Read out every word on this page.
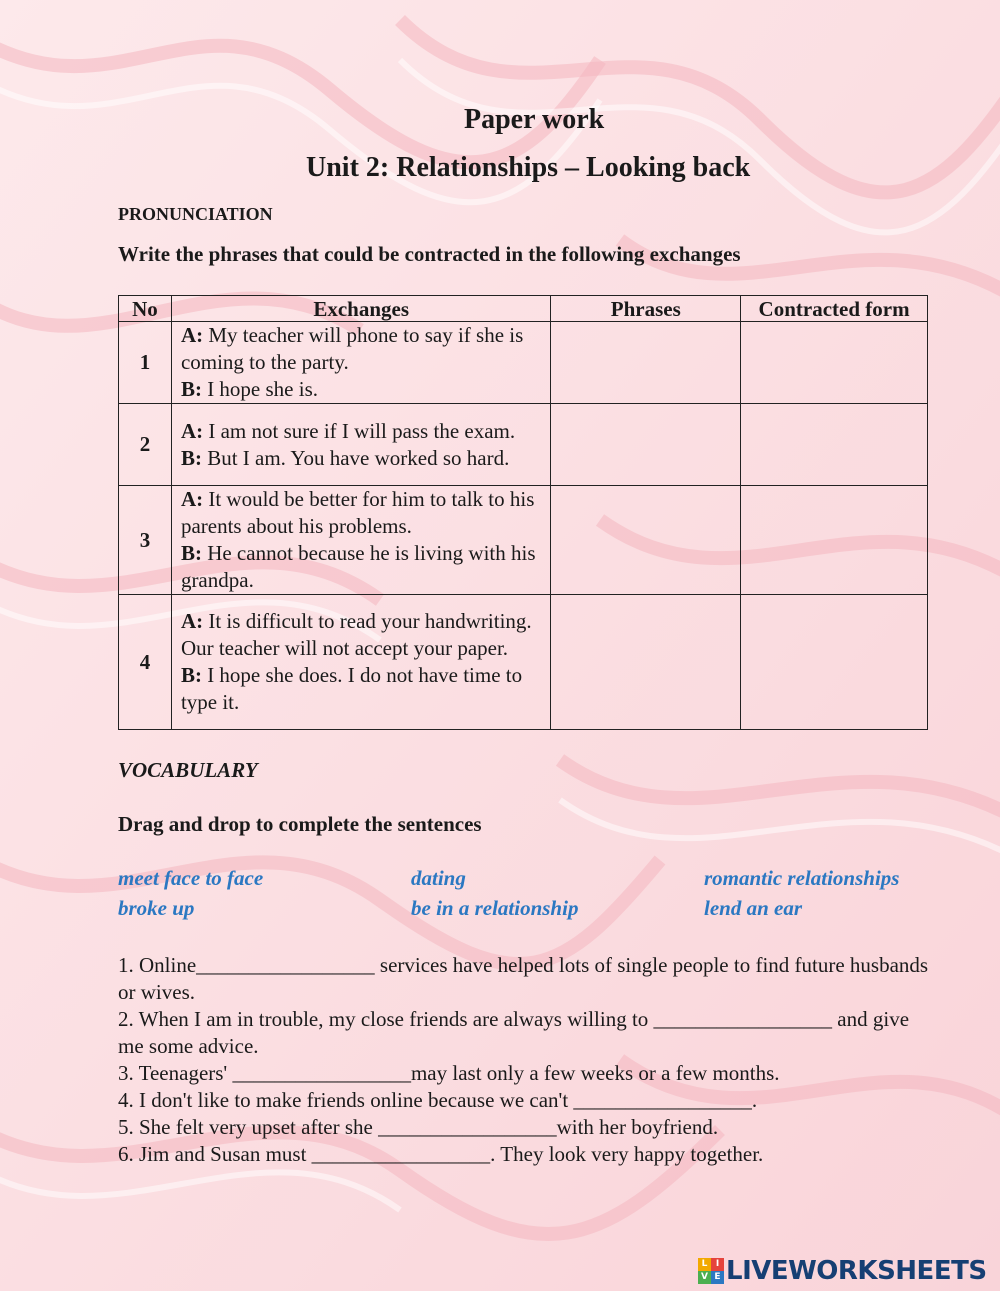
Paper work
Unit 2: Relationships – Looking back

PRONUNCIATION

Write the phrases that could be contracted in the following exchanges

No	Exchanges	Phrases	Contracted form
1	A: My teacher will phone to say if she is coming to the party.
B: I hope she is.		
2	A: I am not sure if I will pass the exam.
B: But I am. You have worked so hard.		
3	A: It would be better for him to talk to his parents about his problems.
B: He cannot because he is living with his grandpa.		
4	A: It is difficult to read your handwriting. Our teacher will not accept your paper.
B: I hope she does. I do not have time to type it.		

VOCABULARY

Drag and drop to complete the sentences

meet face to face	dating	romantic relationships
broke up	be in a relationship	lend an ear

1. Online_________________ services have helped lots of single people to find future husbands or wives.

2. When I am in trouble, my close friends are always willing to _________________ and give me some advice.

3. Teenagers' _________________may last only a few weeks or a few months.

4. I don't like to make friends online because we can't _________________.

5. She felt very upset after she _________________with her boyfriend.

6. Jim and Susan must _________________. They look very happy together.

L I
V E LIVEWORKSHEETS
